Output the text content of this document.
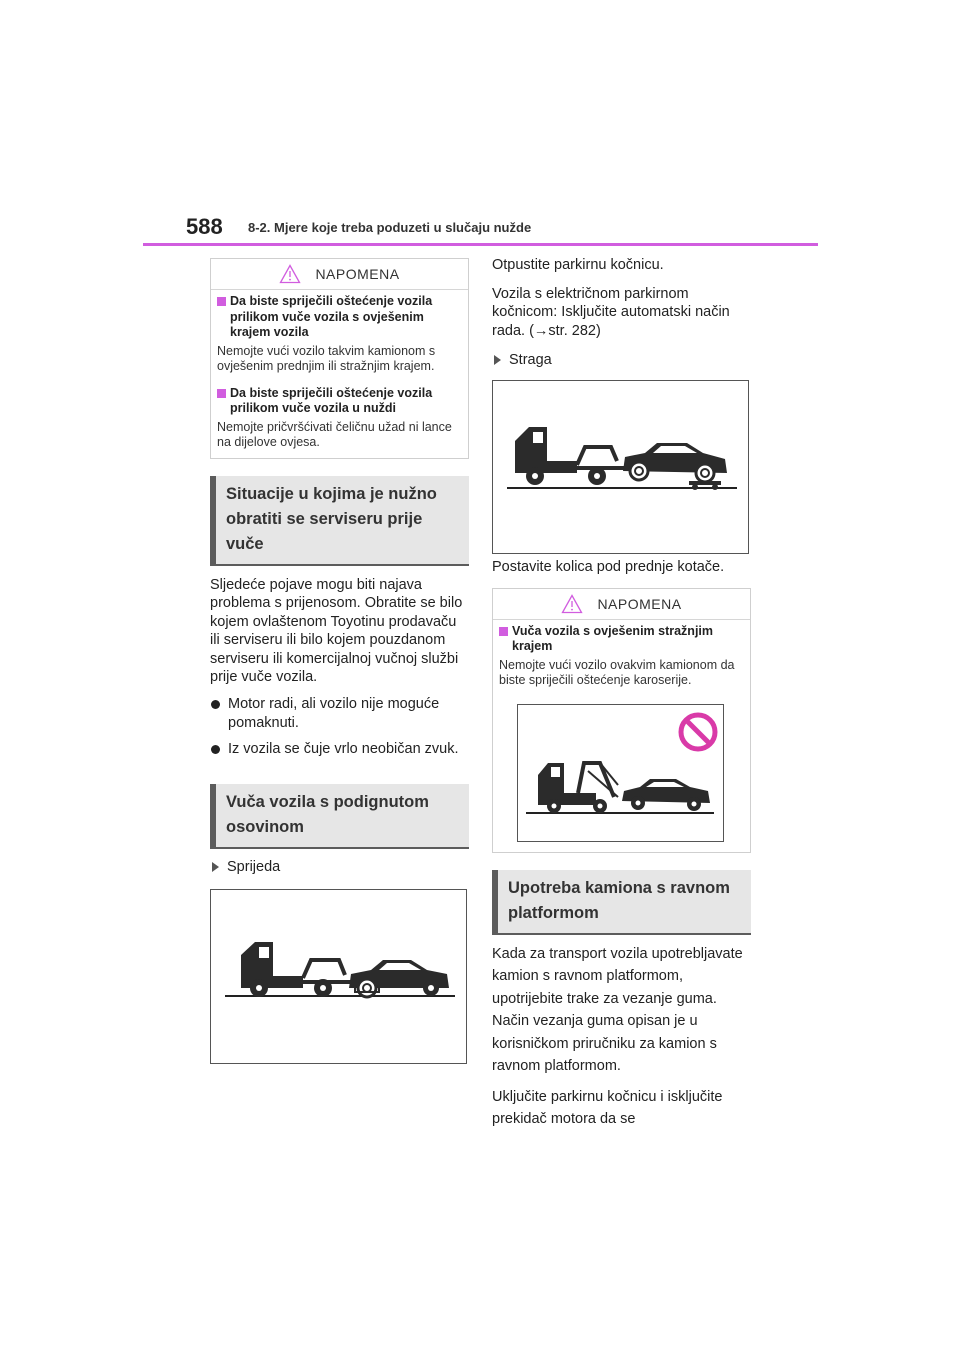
588 8-2. Mjere koje treba poduzeti u slučaju nužde
NAPOMENA
Da biste spriječili oštećenje vozila prilikom vuče vozila s ovješenim krajem vozila
Nemojte vući vozilo takvim kamionom s ovješenim prednjim ili stražnjim krajem.
Da biste spriječili oštećenje vozila prilikom vuče vozila u nuždi
Nemojte pričvršćivati čeličnu užad ni lance na dijelove ovjesa.
Situacije u kojima je nužno obratiti se serviseru prije vuče
Sljedeće pojave mogu biti najava problema s prijenosom. Obratite se bilo kojem ovlaštenom Toyotinu prodavaču ili serviseru ili bilo kojem pouzdanom serviseru ili komercijalnoj vučnoj službi prije vuče vozila.
Motor radi, ali vozilo nije moguće pomaknuti.
Iz vozila se čuje vrlo neobičan zvuk.
Vuča vozila s podignutom osovinom
Sprijeda
Otpustite parkirnu kočnicu.
Vozila s električnom parkirnom kočnicom: Isključite automatski način rada. (→str. 282)
Straga
Postavite kolica pod prednje kotače.
NAPOMENA
Vuča vozila s ovješenim stražnjim krajem
Nemojte vući vozilo ovakvim kamionom da biste spriječili oštećenje karoserije.
Upotreba kamiona s ravnom platformom
Kada za transport vozila upotrebljavate kamion s ravnom platformom, upotrijebite trake za vezanje guma. Način vezanja guma opisan je u korisničkom priručniku za kamion s ravnom platformom.
Uključite parkirnu kočnicu i isključite prekidač motora da se
